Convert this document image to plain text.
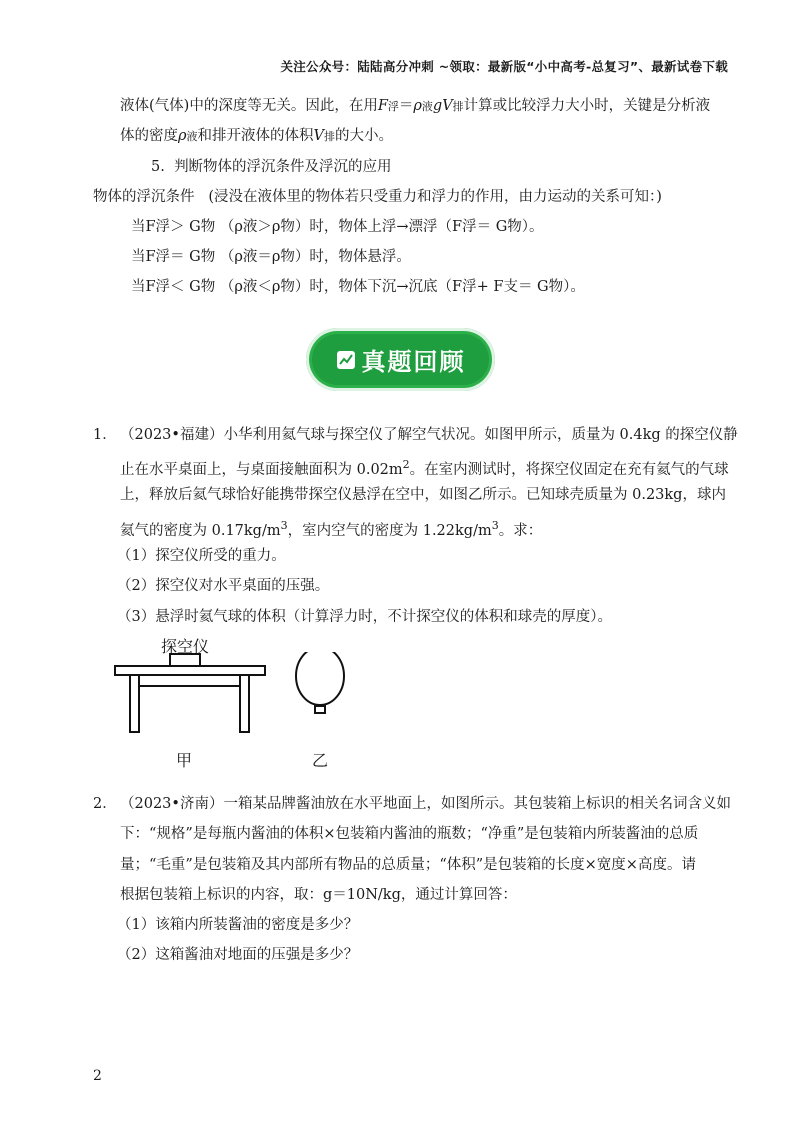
关注公众号：陆陆高分冲刺 ~领取：最新版“小中高考-总复习”、最新试卷下载
液体(气体)中的深度等无关。因此，在用F浮＝ρ液gV排计算或比较浮力大小时，关键是分析液
体的密度ρ液和排开液体的体积V排的大小。
5. 判断物体的浮沉条件及浮沉的应用
物体的浮沉条件 (浸没在液体里的物体若只受重力和浮力的作用，由力运动的关系可知：)
当F浮＞ G物 （ρ液＞ρ物）时，物体上浮→漂浮（F浮＝ G物）。
当F浮＝ G物 （ρ液＝ρ物）时，物体悬浮。
当F浮＜ G物 （ρ液＜ρ物）时，物体下沉→沉底（F浮+ F支＝ G物）。
真题回顾
1． （2023•福建）小华利用氦气球与探空仪了解空气状况。如图甲所示，质量为 0.4kg 的探空仪静
止在水平桌面上，与桌面接触面积为 $0.02m^2$。在室内测试时，将探空仪固定在充有氦气的气球
上，释放后氦气球恰好能携带探空仪悬浮在空中，如图乙所示。已知球壳质量为 0.23kg，球内
氦气的密度为 $0.17kg/m^3$，室内空气的密度为 $1.22kg/m^3$。求：
（1）探空仪所受的重力。
（2）探空仪对水平桌面的压强。
（3）悬浮时氦气球的体积（计算浮力时，不计探空仪的体积和球壳的厚度）。
探空仪
甲	乙
2． （2023•济南）一箱某品牌酱油放在水平地面上，如图所示。其包装箱上标识的相关名词含义如
下：“规格”是每瓶内酱油的体积×包装箱内酱油的瓶数；“净重”是包装箱内所装酱油的总质
量；“毛重”是包装箱及其内部所有物品的总质量；“体积”是包装箱的长度×宽度×高度。请
根据包装箱上标识的内容，取：g＝10N/kg，通过计算回答：
（1）该箱内所装酱油的密度是多少？
（2）这箱酱油对地面的压强是多少？
2
